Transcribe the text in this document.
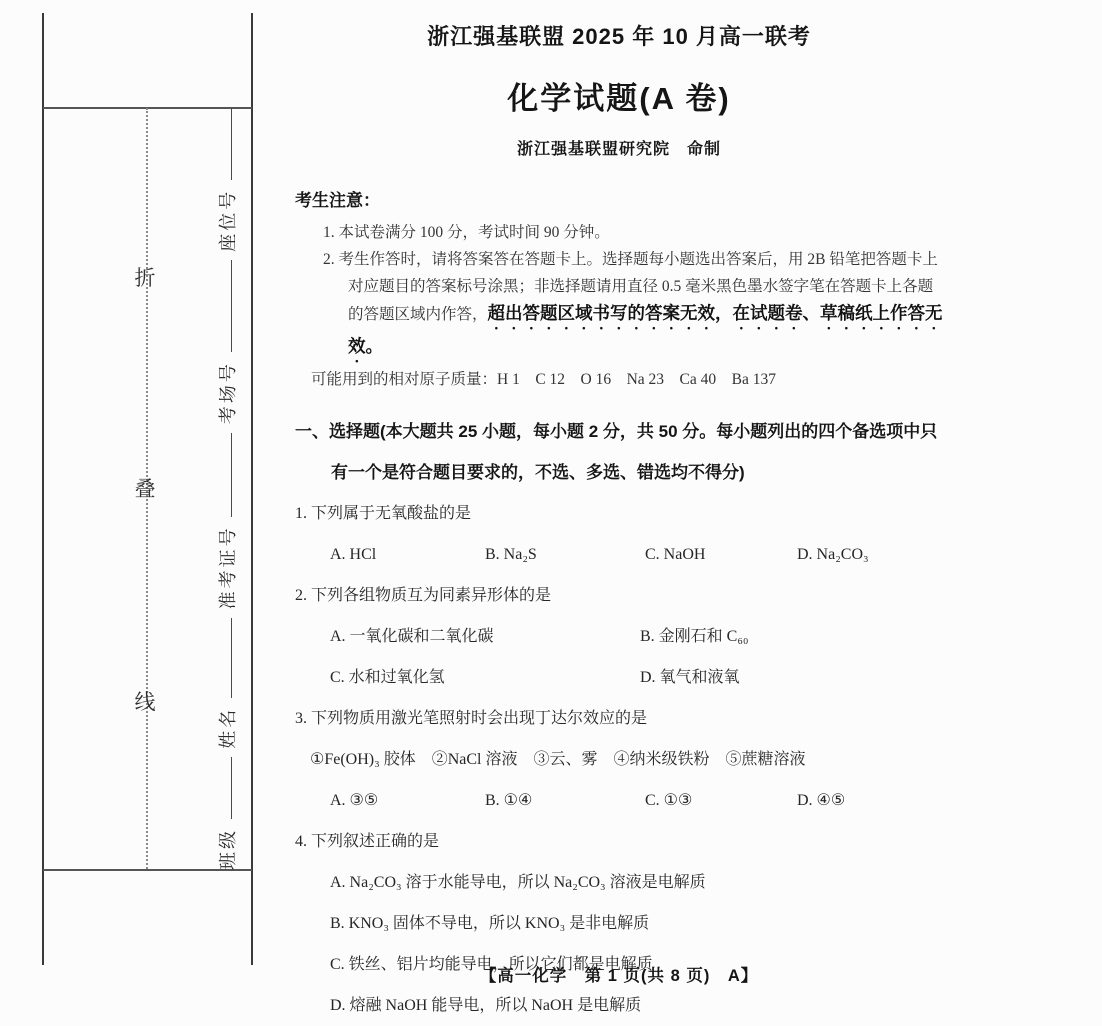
折
叠
线
班级
姓名
准考证号
考场号
座位号
浙江强基联盟 2025 年 10 月高一联考
化学试题(A 卷)
浙江强基联盟研究院　命制
考生注意：
1. 本试卷满分 100 分，考试时间 90 分钟。
2. 考生作答时，请将答案答在答题卡上。选择题每小题选出答案后，用 2B 铅笔把答题卡上对应题目的答案标号涂黑；非选择题请用直径 0.5 毫米黑色墨水签字笔在答题卡上各题的答题区域内作答，超出答题区域书写的答案无效，在试题卷、草稿纸上作答无效。
可能用到的相对原子质量：H 1　C 12　O 16　Na 23　Ca 40　Ba 137
一、选择题(本大题共 25 小题，每小题 2 分，共 50 分。每小题列出的四个备选项中只有一个是符合题目要求的，不选、多选、错选均不得分)
1. 下列属于无氧酸盐的是
A. HCl	B. Na₂S	C. NaOH	D. Na₂CO₃
2. 下列各组物质互为同素异形体的是
A. 一氧化碳和二氧化碳	B. 金刚石和 C₆₀
C. 水和过氧化氢	D. 氧气和液氧
3. 下列物质用激光笔照射时会出现丁达尔效应的是
①Fe(OH)₃ 胶体　②NaCl 溶液　③云、雾　④纳米级铁粉　⑤蔗糖溶液
A. ③⑤	B. ①④	C. ①③	D. ④⑤
4. 下列叙述正确的是
A. Na₂CO₃ 溶于水能导电，所以 Na₂CO₃ 溶液是电解质
B. KNO₃ 固体不导电，所以 KNO₃ 是非电解质
C. 铁丝、铝片均能导电，所以它们都是电解质
D. 熔融 NaOH 能导电，所以 NaOH 是电解质
【高一化学　第 1 页(共 8 页)　A】
